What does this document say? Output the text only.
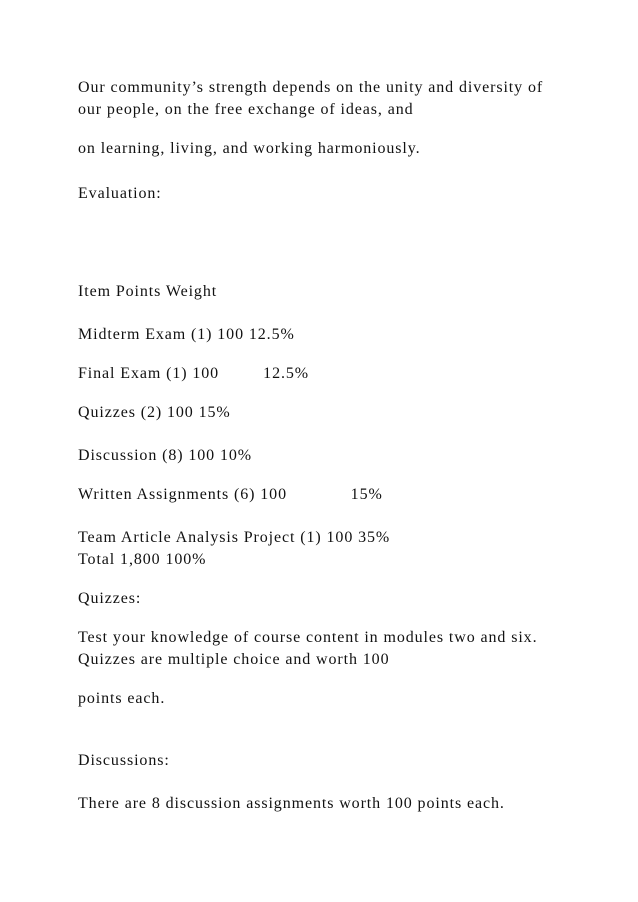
Our community’s strength depends on the unity and diversity of
our people, on the free exchange of ideas, and
on learning, living, and working harmoniously.
Evaluation:
Item Points Weight
Midterm Exam (1) 100 12.5%
Final Exam (1) 100         12.5%
Quizzes (2) 100 15%
Discussion (8) 100 10%
Written Assignments (6) 100             15%
Team Article Analysis Project (1) 100 35%
Total 1,800 100%
Quizzes:
Test your knowledge of course content in modules two and six.
Quizzes are multiple choice and worth 100
points each.
Discussions:
There are 8 discussion assignments worth 100 points each.
